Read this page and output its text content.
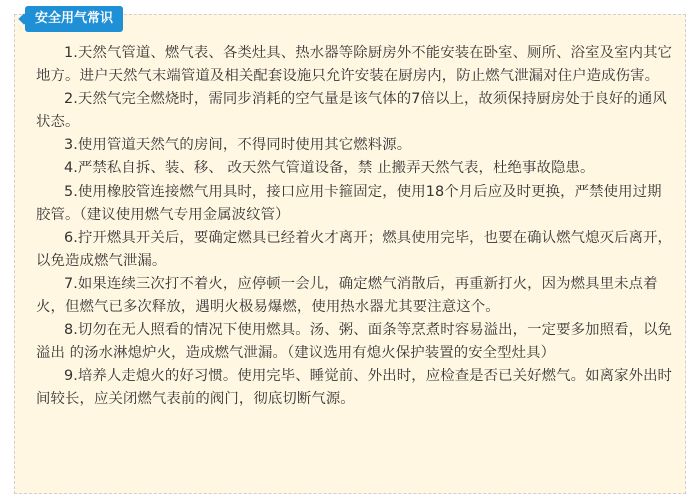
安全用气常识
1.天然气管道、燃气表、各类灶具、热水器等除厨房外不能安装在卧室、厕所、浴室及室内其它地方。进户天然气末端管道及相关配套设施只允许安装在厨房内，防止燃气泄漏对住户造成伤害。
2.天然气完全燃烧时，需同步消耗的空气量是该气体的7倍以上，故须保持厨房处于良好的通风状态。
3.使用管道天然气的房间，不得同时使用其它燃料源。
4.严禁私自拆、装、移、 改天然气管道设备，禁 止搬弄天然气表，杜绝事故隐患。
5.使用橡胶管连接燃气用具时，接口应用卡箍固定，使用18个月后应及时更换，严禁使用过期胶管。（建议使用燃气专用金属波纹管）
6.拧开燃具开关后，要确定燃具已经着火才离开；燃具使用完毕，也要在确认燃气熄灭后离开，以免造成燃气泄漏。
7.如果连续三次打不着火，应停顿一会儿，确定燃气消散后，再重新打火，因为燃具里未点着火，但燃气已多次释放，遇明火极易爆燃，使用热水器尤其要注意这个。
8.切勿在无人照看的情况下使用燃具。汤、粥、面条等烹煮时容易溢出，一定要多加照看，以免溢出 的汤水淋熄炉火，造成燃气泄漏。（建议选用有熄火保护装置的安全型灶具）
9.培养人走熄火的好习惯。使用完毕、睡觉前、外出时，应检查是否已关好燃气。如离家外出时间较长，应关闭燃气表前的阀门，彻底切断气源。
